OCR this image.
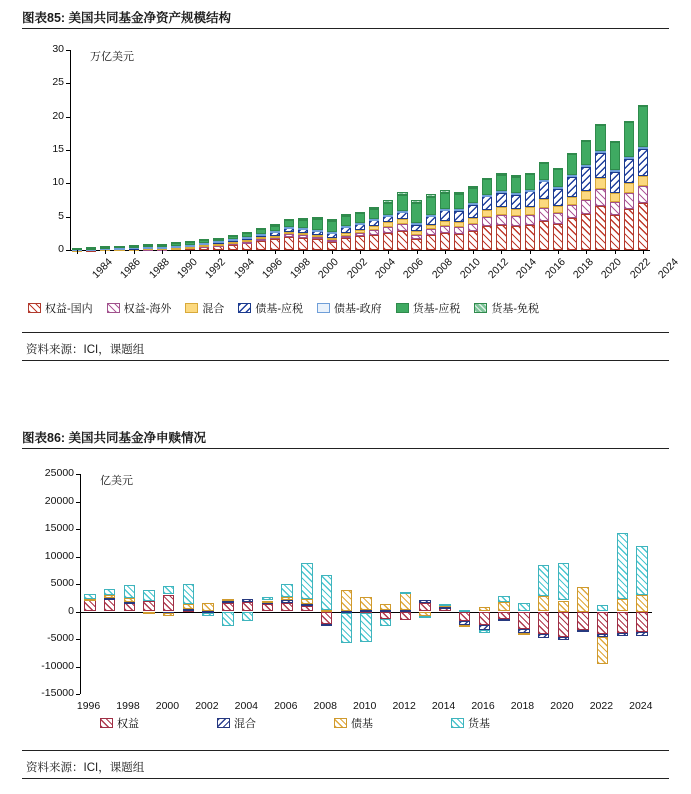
图表85: 美国共同基金净资产规模结构
万亿美元
0
5
10
15
20
25
30
1984 1986 1988 1990 1992 1994 1996 1998 2000 2002 2004 2006 2008 2010 2012 2014 2016 2018 2020 2022 2024
权益-国内	权益-海外	混合	债基-应税	债基-政府	货基-应税	货基-免税
资料来源：ICI，课题组
图表86: 美国共同基金净申赎情况
亿美元
-15000
-10000
-5000
0
5000
10000
15000
20000
25000
1996 1998 2000 2002 2004 2006 2008 2010 2012 2014 2016 2018 2020 2022 2024
权益	混合	债基	货基
资料来源：ICI，课题组
